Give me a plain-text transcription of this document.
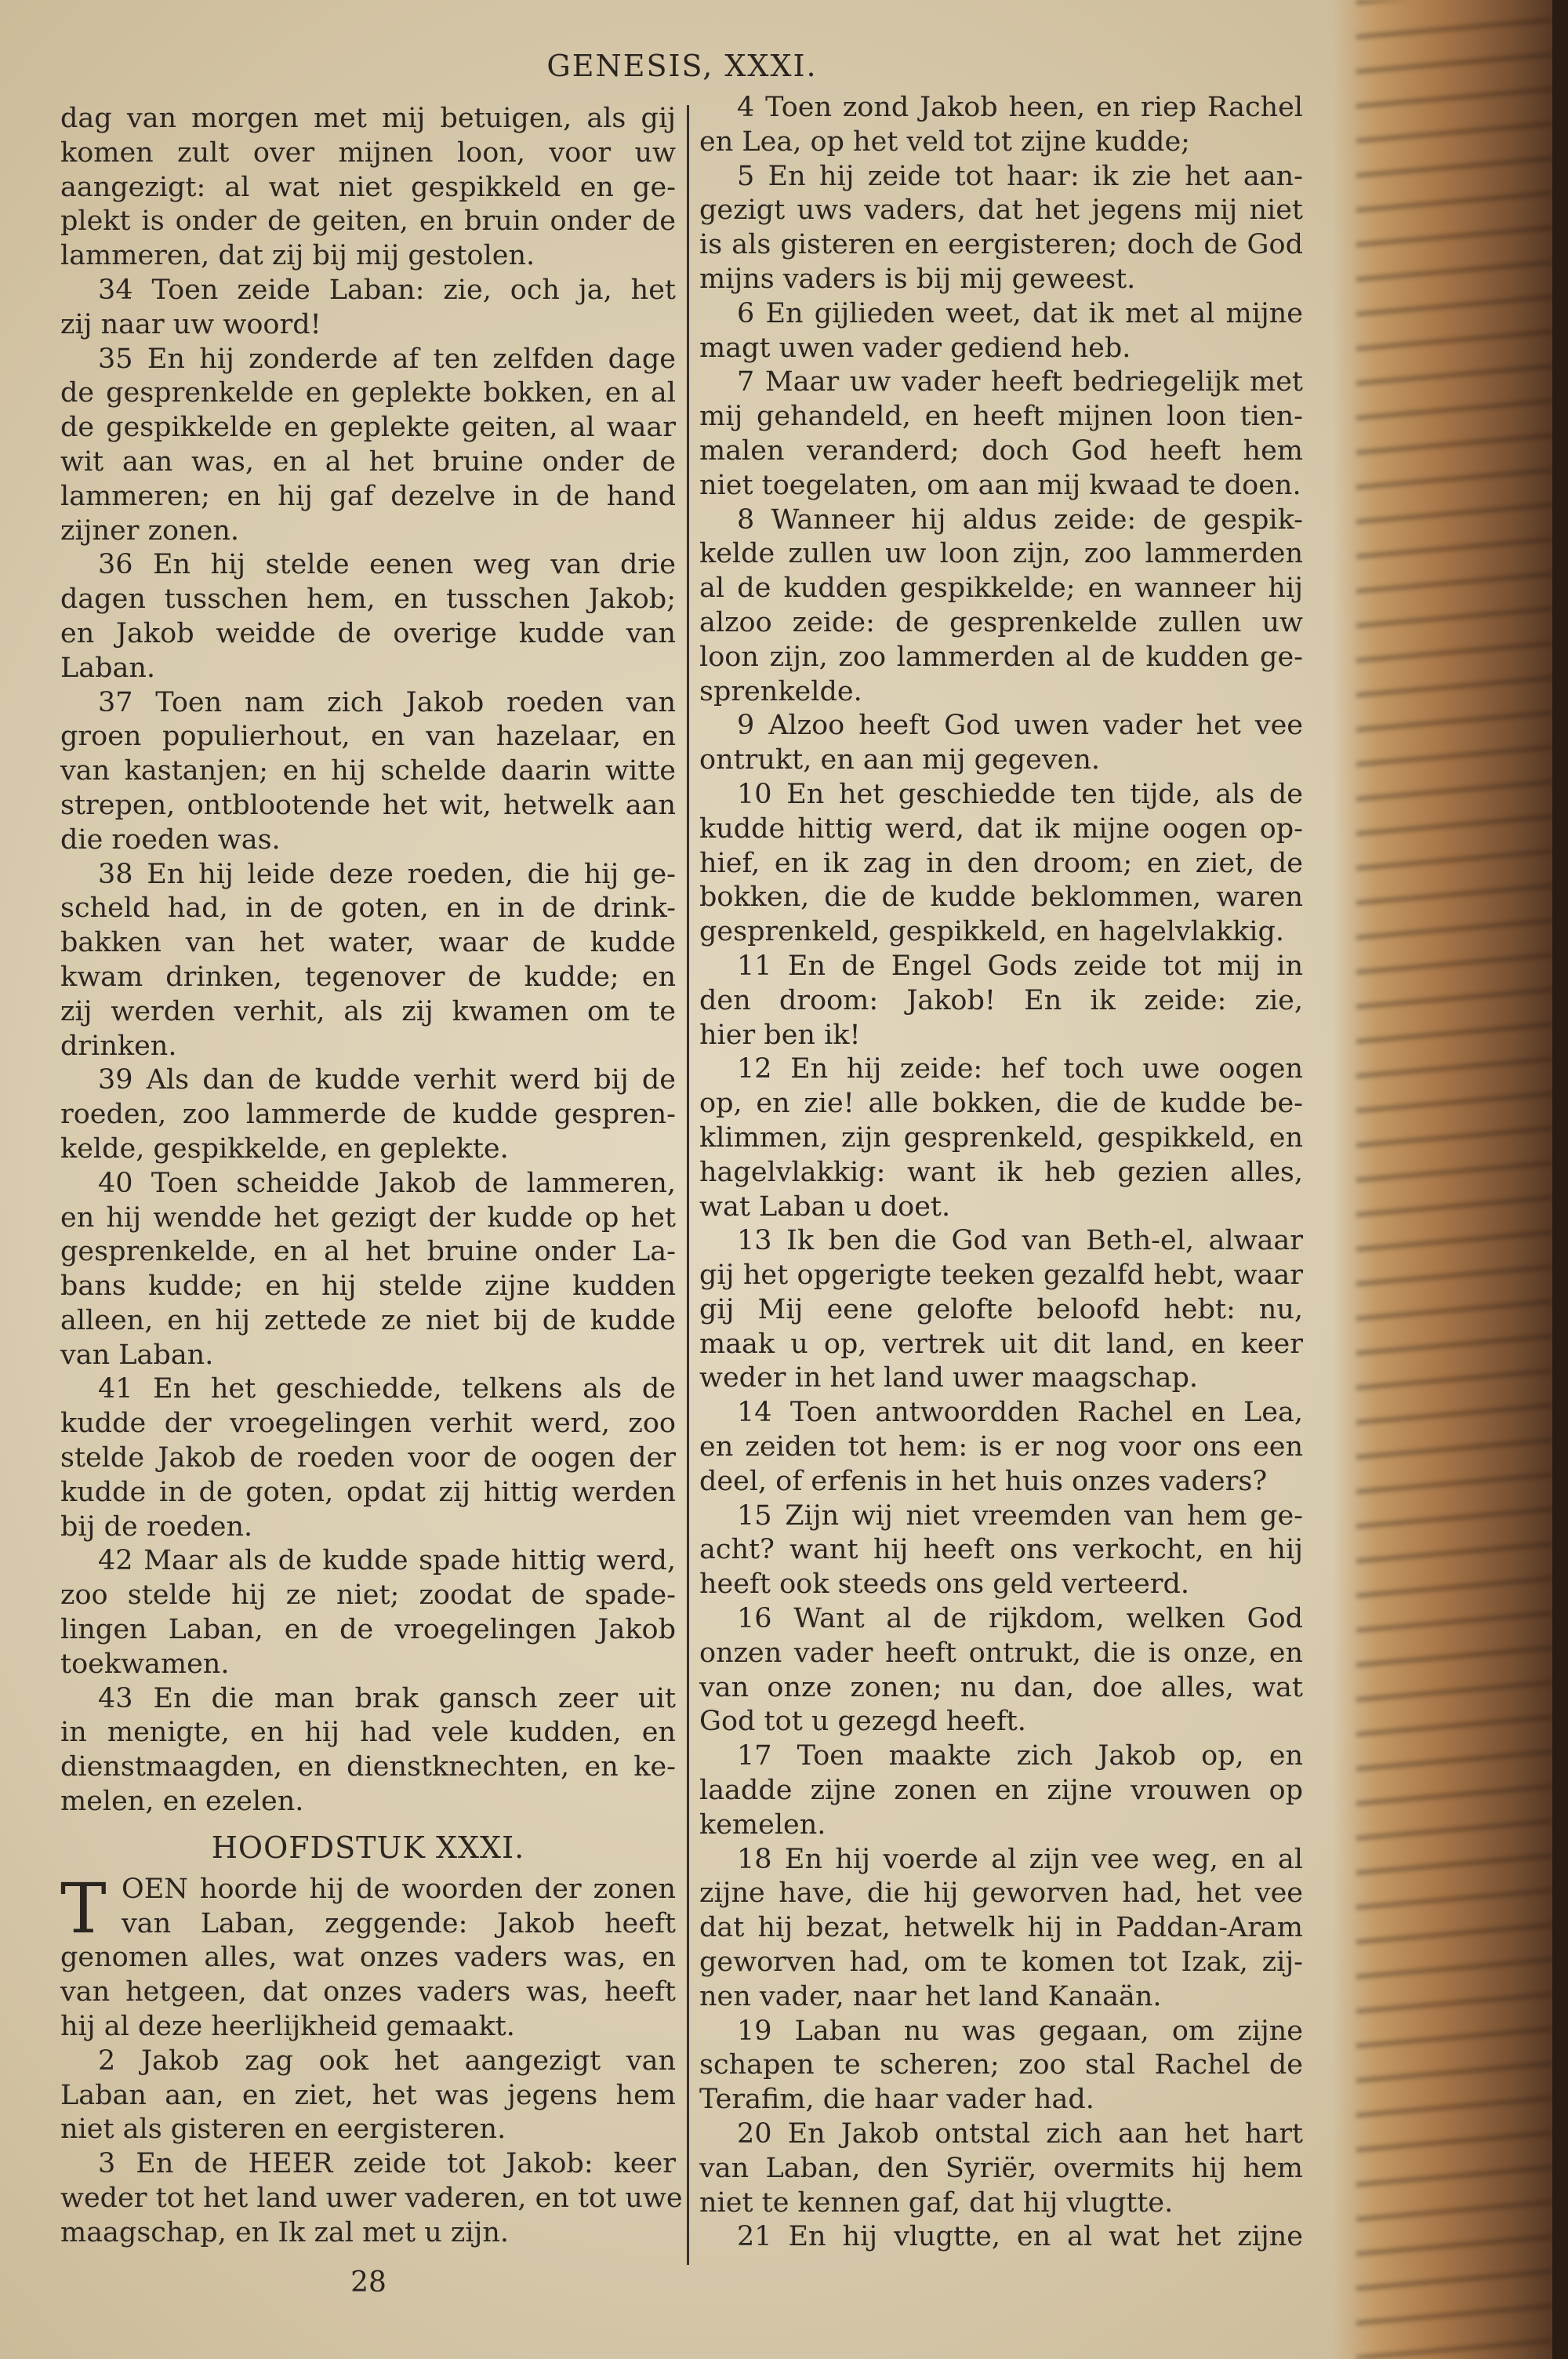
GENESIS, XXXI.
dag van morgen met mij betuigen, als gij
komen zult over mijnen loon, voor uw
aangezigt: al wat niet gespikkeld en ge-
plekt is onder de geiten, en bruin onder de
lammeren, dat zij bij mij gestolen.
34 Toen zeide Laban: zie, och ja, het
zij naar uw woord!
35 En hij zonderde af ten zelfden dage
de gesprenkelde en geplekte bokken, en al
de gespikkelde en geplekte geiten, al waar
wit aan was, en al het bruine onder de
lammeren; en hij gaf dezelve in de hand
zijner zonen.
36 En hij stelde eenen weg van drie
dagen tusschen hem, en tusschen Jakob;
en Jakob weidde de overige kudde van
Laban.
37 Toen nam zich Jakob roeden van
groen populierhout, en van hazelaar, en
van kastanjen; en hij schelde daarin witte
strepen, ontblootende het wit, hetwelk aan
die roeden was.
38 En hij leide deze roeden, die hij ge-
scheld had, in de goten, en in de drink-
bakken van het water, waar de kudde
kwam drinken, tegenover de kudde; en
zij werden verhit, als zij kwamen om te
drinken.
39 Als dan de kudde verhit werd bij de
roeden, zoo lammerde de kudde gespren-
kelde, gespikkelde, en geplekte.
40 Toen scheidde Jakob de lammeren,
en hij wendde het gezigt der kudde op het
gesprenkelde, en al het bruine onder La-
bans kudde; en hij stelde zijne kudden
alleen, en hij zettede ze niet bij de kudde
van Laban.
41 En het geschiedde, telkens als de
kudde der vroegelingen verhit werd, zoo
stelde Jakob de roeden voor de oogen der
kudde in de goten, opdat zij hittig werden
bij de roeden.
42 Maar als de kudde spade hittig werd,
zoo stelde hij ze niet; zoodat de spade-
lingen Laban, en de vroegelingen Jakob
toekwamen.
43 En die man brak gansch zeer uit
in menigte, en hij had vele kudden, en
dienstmaagden, en dienstknechten, en ke-
melen, en ezelen.
HOOFDSTUK XXXI.
T OEN hoorde hij de woorden der zonen
van Laban, zeggende: Jakob heeft
genomen alles, wat onzes vaders was, en
van hetgeen, dat onzes vaders was, heeft
hij al deze heerlijkheid gemaakt.
2 Jakob zag ook het aangezigt van
Laban aan, en ziet, het was jegens hem
niet als gisteren en eergisteren.
3 En de HEER zeide tot Jakob: keer
weder tot het land uwer vaderen, en tot uwe
maagschap, en Ik zal met u zijn.
4 Toen zond Jakob heen, en riep Rachel
en Lea, op het veld tot zijne kudde;
5 En hij zeide tot haar: ik zie het aan-
gezigt uws vaders, dat het jegens mij niet
is als gisteren en eergisteren; doch de God
mijns vaders is bij mij geweest.
6 En gijlieden weet, dat ik met al mijne
magt uwen vader gediend heb.
7 Maar uw vader heeft bedriegelijk met
mij gehandeld, en heeft mijnen loon tien-
malen veranderd; doch God heeft hem
niet toegelaten, om aan mij kwaad te doen.
8 Wanneer hij aldus zeide: de gespik-
kelde zullen uw loon zijn, zoo lammerden
al de kudden gespikkelde; en wanneer hij
alzoo zeide: de gesprenkelde zullen uw
loon zijn, zoo lammerden al de kudden ge-
sprenkelde.
9 Alzoo heeft God uwen vader het vee
ontrukt, en aan mij gegeven.
10 En het geschiedde ten tijde, als de
kudde hittig werd, dat ik mijne oogen op-
hief, en ik zag in den droom; en ziet, de
bokken, die de kudde beklommen, waren
gesprenkeld, gespikkeld, en hagelvlakkig.
11 En de Engel Gods zeide tot mij in
den droom: Jakob! En ik zeide: zie,
hier ben ik!
12 En hij zeide: hef toch uwe oogen
op, en zie! alle bokken, die de kudde be-
klimmen, zijn gesprenkeld, gespikkeld, en
hagelvlakkig: want ik heb gezien alles,
wat Laban u doet.
13 Ik ben die God van Beth-el, alwaar
gij het opgerigte teeken gezalfd hebt, waar
gij Mij eene gelofte beloofd hebt: nu,
maak u op, vertrek uit dit land, en keer
weder in het land uwer maagschap.
14 Toen antwoordden Rachel en Lea,
en zeiden tot hem: is er nog voor ons een
deel, of erfenis in het huis onzes vaders?
15 Zijn wij niet vreemden van hem ge-
acht? want hij heeft ons verkocht, en hij
heeft ook steeds ons geld verteerd.
16 Want al de rijkdom, welken God
onzen vader heeft ontrukt, die is onze, en
van onze zonen; nu dan, doe alles, wat
God tot u gezegd heeft.
17 Toen maakte zich Jakob op, en
laadde zijne zonen en zijne vrouwen op
kemelen.
18 En hij voerde al zijn vee weg, en al
zijne have, die hij geworven had, het vee
dat hij bezat, hetwelk hij in Paddan-Aram
geworven had, om te komen tot Izak, zij-
nen vader, naar het land Kanaän.
19 Laban nu was gegaan, om zijne
schapen te scheren; zoo stal Rachel de
Terafim, die haar vader had.
20 En Jakob ontstal zich aan het hart
van Laban, den Syriër, overmits hij hem
niet te kennen gaf, dat hij vlugtte.
21 En hij vlugtte, en al wat het zijne
28
